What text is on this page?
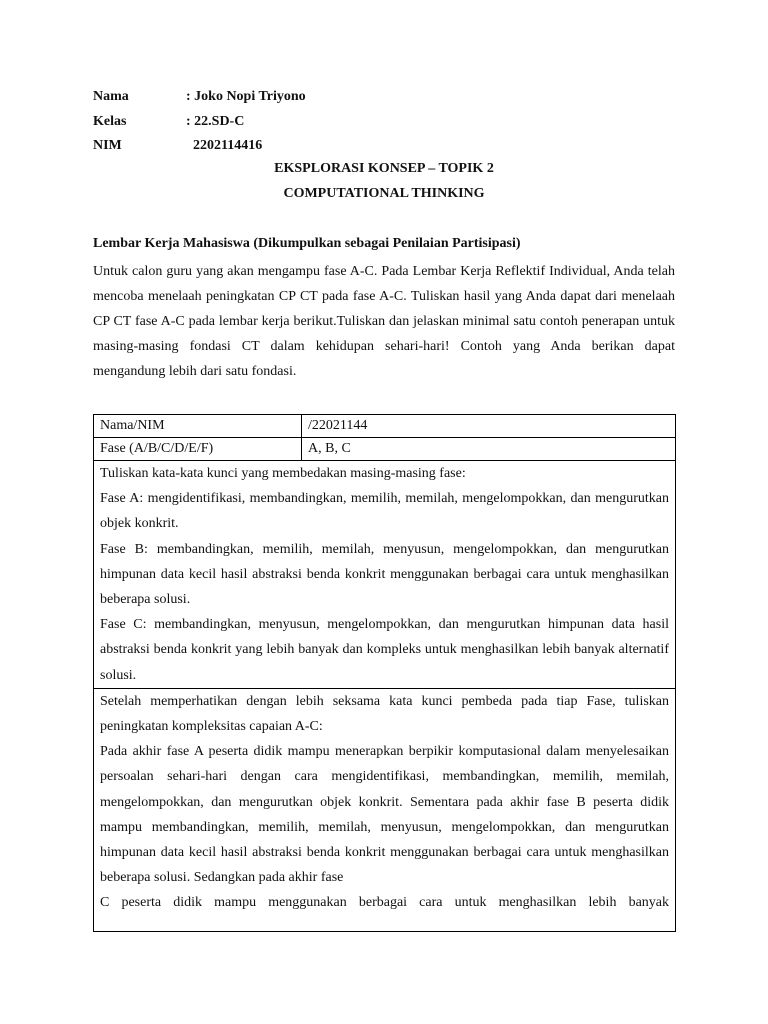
Nama	: Joko Nopi Triyono
Kelas	: 22.SD-C
NIM	2202114416
EKSPLORASI KONSEP – TOPIK 2
COMPUTATIONAL THINKING
Lembar Kerja Mahasiswa (Dikumpulkan sebagai Penilaian Partisipasi)
Untuk calon guru yang akan mengampu fase A-C. Pada Lembar Kerja Reflektif Individual, Anda telah mencoba menelaah peningkatan CP CT pada fase A-C. Tuliskan hasil yang Anda dapat dari menelaah CP CT fase A-C pada lembar kerja berikut.Tuliskan dan jelaskan minimal satu contoh penerapan untuk masing-masing fondasi CT dalam kehidupan sehari-hari! Contoh yang Anda berikan dapat mengandung lebih dari satu fondasi.
Nama/NIM	/22021144
Fase (A/B/C/D/E/F)	A, B, C

Tuliskan kata-kata kunci yang membedakan masing-masing fase:

Fase A: mengidentifikasi, membandingkan, memilih, memilah, mengelompokkan, dan mengurutkan objek konkrit.

Fase B: membandingkan, memilih, memilah, menyusun, mengelompokkan, dan mengurutkan himpunan data kecil hasil abstraksi benda konkrit menggunakan berbagai cara untuk menghasilkan beberapa solusi.

Fase C: membandingkan, menyusun, mengelompokkan, dan mengurutkan himpunan data hasil abstraksi benda konkrit yang lebih banyak dan kompleks untuk menghasilkan lebih banyak alternatif solusi.	

Setelah memperhatikan dengan lebih seksama kata kunci pembeda pada tiap Fase, tuliskan peningkatan kompleksitas capaian A-C:

Pada akhir fase A peserta didik mampu menerapkan berpikir komputasional dalam menyelesaikan persoalan sehari-hari dengan cara mengidentifikasi, membandingkan, memilih, memilah, mengelompokkan, dan mengurutkan objek konkrit. Sementara pada akhir fase B peserta didik mampu membandingkan, memilih, memilah, menyusun, mengelompokkan, dan mengurutkan himpunan data kecil hasil abstraksi benda konkrit menggunakan berbagai cara untuk menghasilkan beberapa solusi. Sedangkan pada akhir fase

C peserta didik mampu menggunakan berbagai cara untuk menghasilkan lebih banyak	
